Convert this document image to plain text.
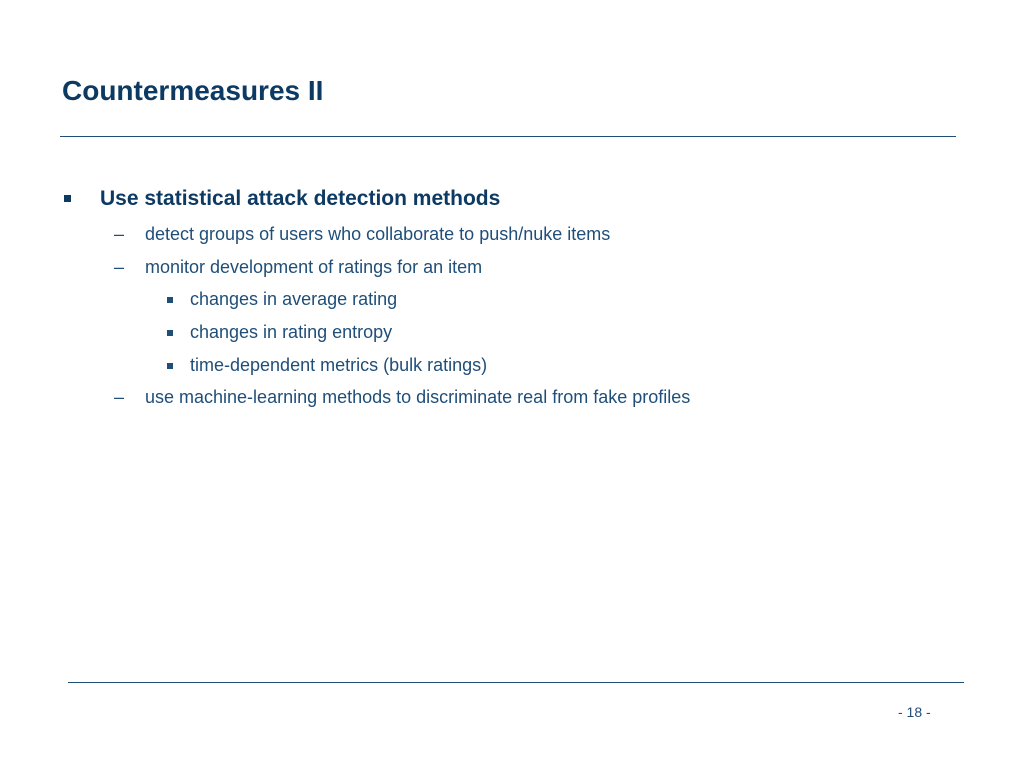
Countermeasures II
Use statistical attack detection methods
– detect groups of users who collaborate to push/nuke items
– monitor development of ratings for an item
changes in average rating
changes in rating entropy
time-dependent metrics (bulk ratings)
– use machine-learning methods to discriminate real from fake profiles
- 18 -
